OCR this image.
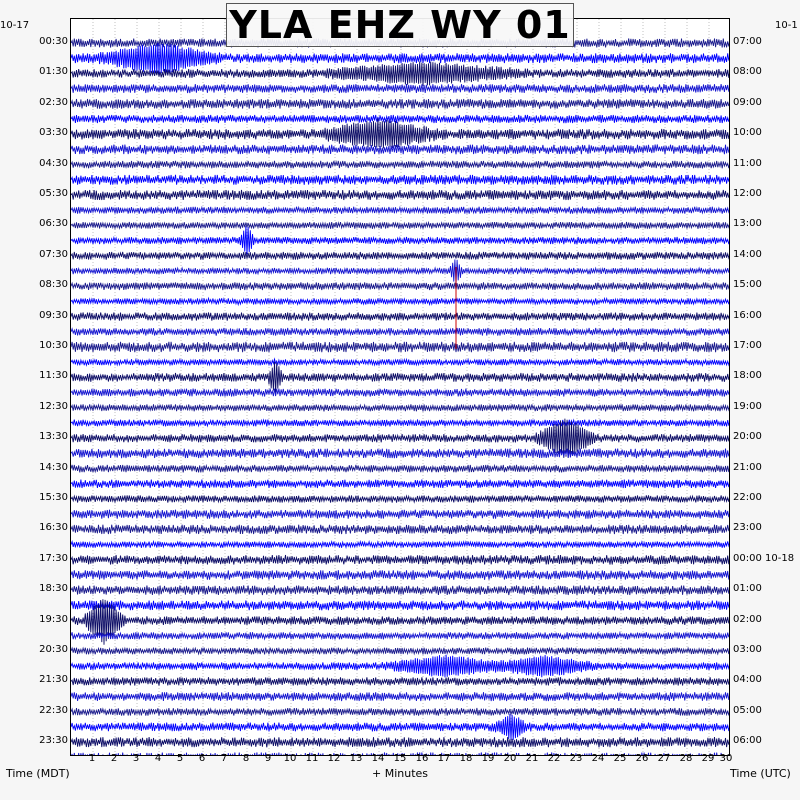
YLA EHZ WY 01
10-17	10-1
00:30
01:30
02:30
03:30
04:30
05:30
06:30
07:30
08:30
09:30
10:30
11:30
12:30
13:30
14:30
15:30
16:30
17:30
18:30
19:30
20:30
21:30
22:30
23:30
07:00
08:00
09:00
10:00
11:00
12:00
13:00
14:00
15:00
16:00
17:00
18:00
19:00
20:00
21:00
22:00
23:00
00:00 10-18
01:00
02:00
03:00
04:00
05:00
06:00
1	2	3	4	5	6	7	8	9	10 11 12 13 14 15 16 17 18 19 20 21 22 23 24 25 26 27 28 29 30
Time (MDT)	+ Minutes	Time (UTC)
